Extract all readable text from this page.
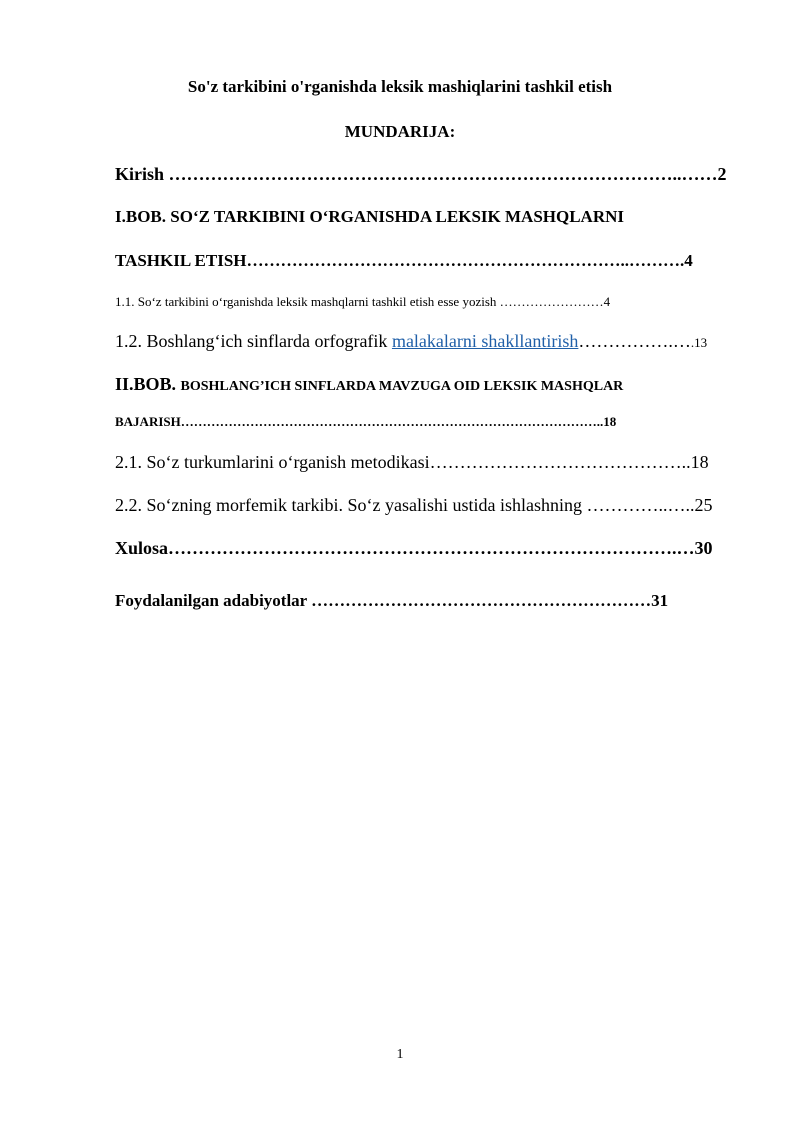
So'z tarkibini o'rganishda leksik mashiqlarini tashkil etish
MUNDARIJA:
Kirish …………………………………………………………………………..……2
I.BOB. SO‘Z TARKIBINI O‘RGANISHDA LEKSIK MASHQLARNI
TASHKIL ETISH…………………………………………………………..……….4
1.1. So‘z tarkibini o‘rganishda leksik mashqlarni tashkil etish esse yozish ……………………4
1.2. Boshlang‘ich sinflarda orfografik malakalarni shakllantirish…………….….13
II.BOB. BOSHLANG’ICH SINFLARDA MAVZUGA OID LEKSIK MASHQLAR
BAJARISH……………………………………………………………………………………..18
2.1. So‘z turkumlarini o‘rganish metodikasi……………………………………..18
2.2. So‘zning morfemik tarkibi. So‘z yasalishi ustida ishlashning …………..…..25
Xulosa………………………………………………………………………….…30
Foydalanilgan adabiyotlar ……………………………………………………31
1
